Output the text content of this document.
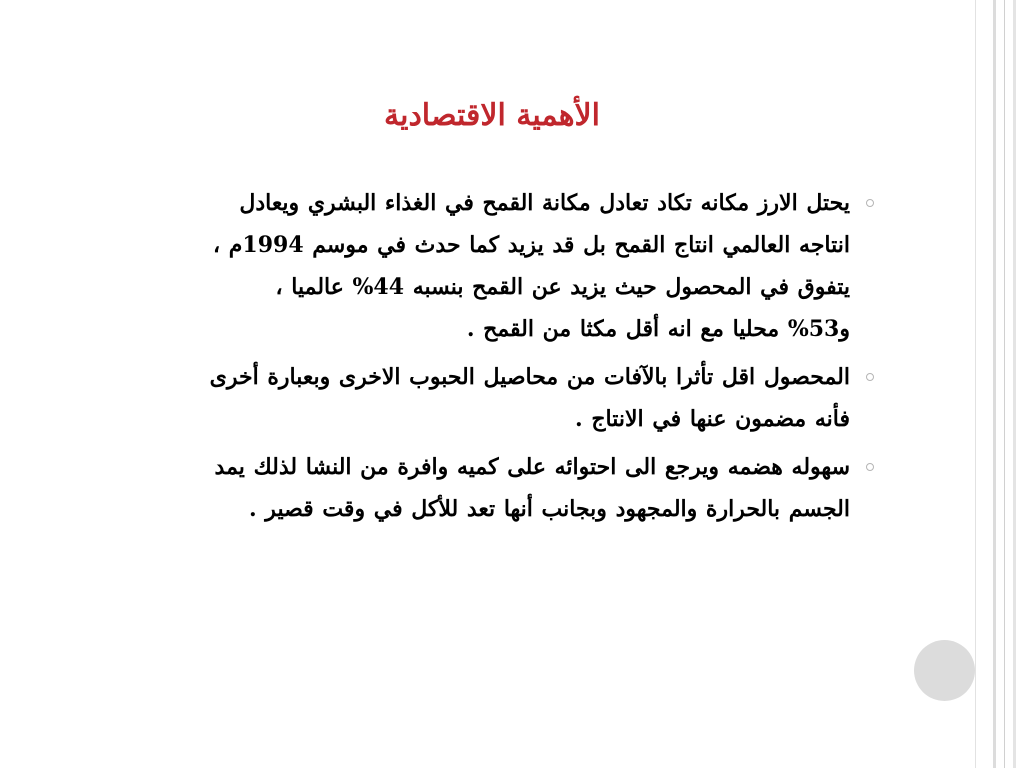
الأهمية الاقتصادية
يحتل الارز مكانه تكاد تعادل مكانة القمح في الغذاء البشري ويعادل
انتاجه العالمي انتاج القمح بل قد يزيد كما حدث في موسم 1994م ،
يتفوق في المحصول حيث يزيد عن القمح بنسبه 44% عالميا ،
و53% محليا مع انه أقل مكثا من القمح .
المحصول اقل تأثرا بالآفات من محاصيل الحبوب الاخرى وبعبارة أخرى
فأنه مضمون عنها في الانتاج .
سهوله هضمه ويرجع الى احتوائه على كميه وافرة من النشا لذلك يمد
الجسم بالحرارة والمجهود وبجانب أنها تعد للأكل في وقت قصير .
